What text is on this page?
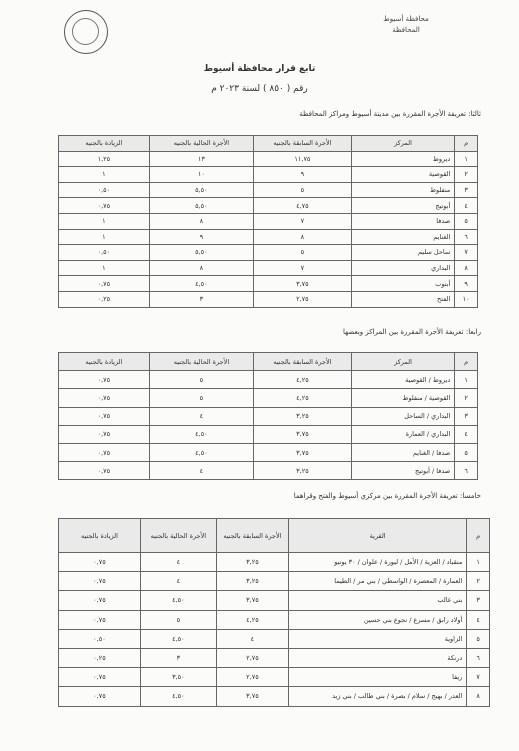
محافظة أسيوط
المحافظة
تابع قرار محافظة أسيوط
رقم ( ٨٥٠ ) لسنة ٢٠٢٣ م
ثالثا: تعريفة الأجرة المقررة بين مدينة أسيوط ومراكز المحافظة
م	المركز	الأجرة السابقة بالجنيه	الأجرة الحالية بالجنيه	الزيادة بالجنيه
١	ديروط	١١,٧٥	١٣	١,٢٥
٢	القوصية	٩	١٠	١
٣	منفلوط	٥	٥,٥٠	٠,٥٠
٤	أبوتيج	٤,٧٥	٥,٥٠	٠,٧٥
٥	صدفا	٧	٨	١
٦	الغنايم	٨	٩	١
٧	ساحل سليم	٥	٥,٥٠	٠,٥٠
٨	البداري	٧	٨	١
٩	أبنوب	٣,٧٥	٤,٥٠	٠,٧٥
١٠	الفتح	٢,٧٥	٣	٠,٢٥
رابعا: تعريفة الأجرة المقررة بين المراكز وبعضها
م	المركز	الأجرة السابقة بالجنيه	الأجرة الحالية بالجنيه	الزيادة بالجنيه
١	ديروط / القوصية	٤,٢٥	٥	٠,٧٥
٢	القوصية / منفلوط	٤,٢٥	٥	٠,٧٥
٣	البداري / الساحل	٣,٢٥	٤	٠,٧٥
٤	البداري / العمارة	٣,٧٥	٤,٥٠	٠,٧٥
٥	صدفا / الغنايم	٣,٧٥	٤,٥٠	٠,٧٥
٦	صدفا / أبوتيج	٣,٢٥	٤	٠,٧٥
خامسا: تعريفة الأجرة المقررة بين مركزي أسيوط والفتح وقراهما
م	القرية	الأجرة السابقة بالجنيه	الأجرة الحالية بالجنيه	الزيادة بالجنيه
١	منقباد / العزية / الأمل / ليورة / علوان / ٣٠ يونيو	٣,٢٥	٤	٠,٧٥
٢	العمارة / المعصرة / الواسطي / بني مر / الطيما	٣,٢٥	٤	٠,٧٥
٣	بني غالب	٣,٧٥	٤,٥٠	٠,٧٥
٤	أولاد رابق / مسرع / نجوع بني حسين	٤,٢٥	٥	٠,٧٥
٥	الزاوية	٤	٤,٥٠	٠,٥٠
٦	درنكة	٢,٧٥	٣	٠,٢٥
٧	ريفا	٢,٧٥	٣,٥٠	٠,٧٥
٨	العدر / بهيج / سلام / بصرة / بني طالب / بني زيد	٣,٧٥	٤,٥٠	٠,٧٥
